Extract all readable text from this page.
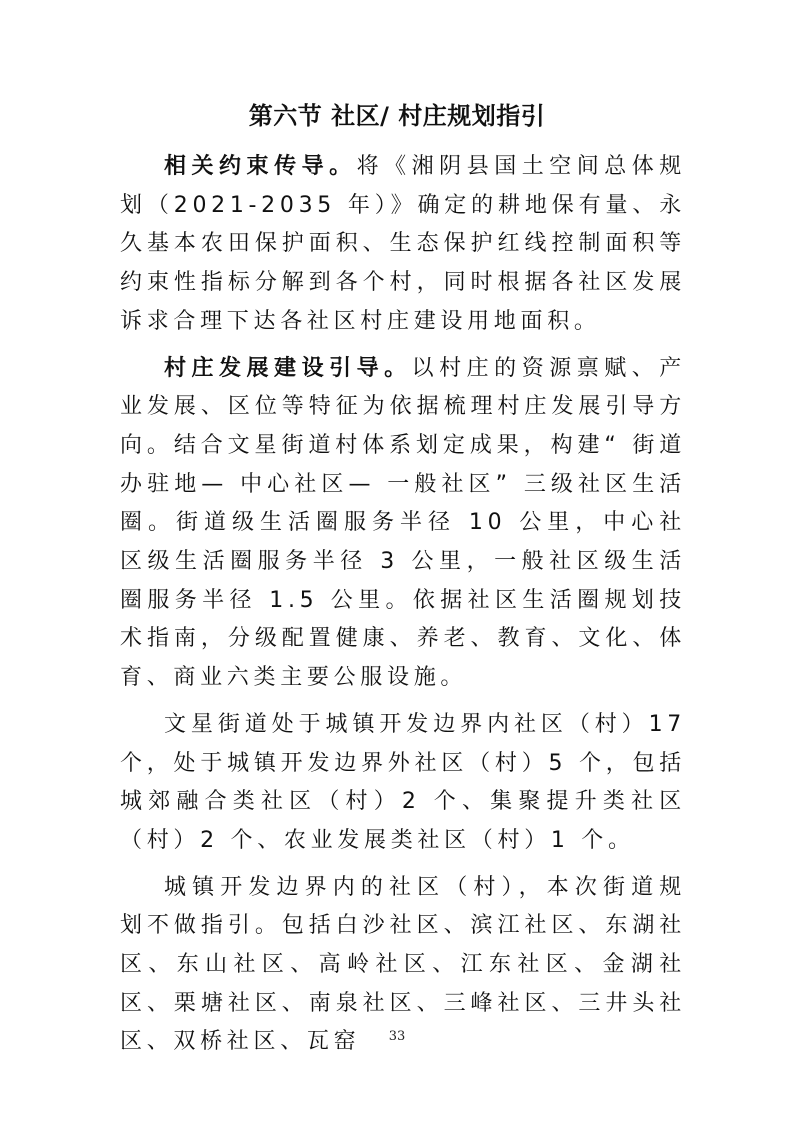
第六节 社区/ 村庄规划指引

相关约束传导。将《湘阴县国土空间总体规划（2021-2035 年）》确定的耕地保有量、永久基本农田保护面积、生态保护红线控制面积等约束性指标分解到各个村，同时根据各社区发展诉求合理下达各社区村庄建设用地面积。

村庄发展建设引导。以村庄的资源禀赋、产业发展、区位等特征为依据梳理村庄发展引导方向。结合文星街道村体系划定成果，构建“ 街道办驻地— 中心社区— 一般社区” 三级社区生活圈。街道级生活圈服务半径 10 公里，中心社区级生活圈服务半径 3 公里，一般社区级生活圈服务半径 1.5 公里。依据社区生活圈规划技术指南，分级配置健康、养老、教育、文化、体育、商业六类主要公服设施。

文星街道处于城镇开发边界内社区（村）17 个，处于城镇开发边界外社区（村）5 个，包括城郊融合类社区（村）2 个、集聚提升类社区（村）2 个、农业发展类社区（村）1 个。

城镇开发边界内的社区（村），本次街道规划不做指引。包括白沙社区、滨江社区、东湖社区、东山社区、高岭社区、江东社区、金湖社区、栗塘社区、南泉社区、三峰社区、三井头社区、双桥社区、瓦窑	33
